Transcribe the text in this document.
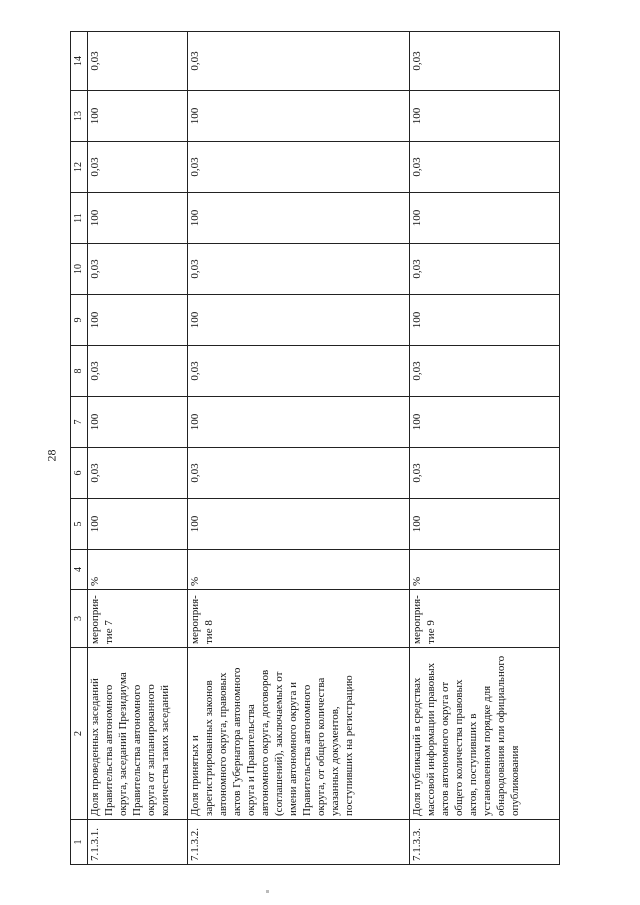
28
1	2	3	4	5	6	7	8	9	10	11	12	13	14
7.1.3.1.	Доля проведенных заседаний Правительства автономного округа, заседаний Президиума Правительства автономного округа от запланированного количества таких заседаний	мероприя-тие 7	%	100	0,03	100	0,03	100	0,03	100	0,03	100	0,03
7.1.3.2.	Доля принятых и зарегистрированных законов автономного округа, правовых актов Губернатора автономного округа и Правительства автономного округа, договоров (соглашений), заключаемых от имени автономного округа и Правительства автономного округа, от общего количества указанных документов, поступивших на регистрацию	мероприя-тие 8	%	100	0,03	100	0,03	100	0,03	100	0,03	100	0,03
7.1.3.3.	Доля публикаций в средствах массовой информации правовых актов автономного округа от общего количества правовых актов, поступивших в установленном порядке для обнародования или официального опубликования	мероприя-тие 9	%	100	0,03	100	0,03	100	0,03	100	0,03	100	0,03
